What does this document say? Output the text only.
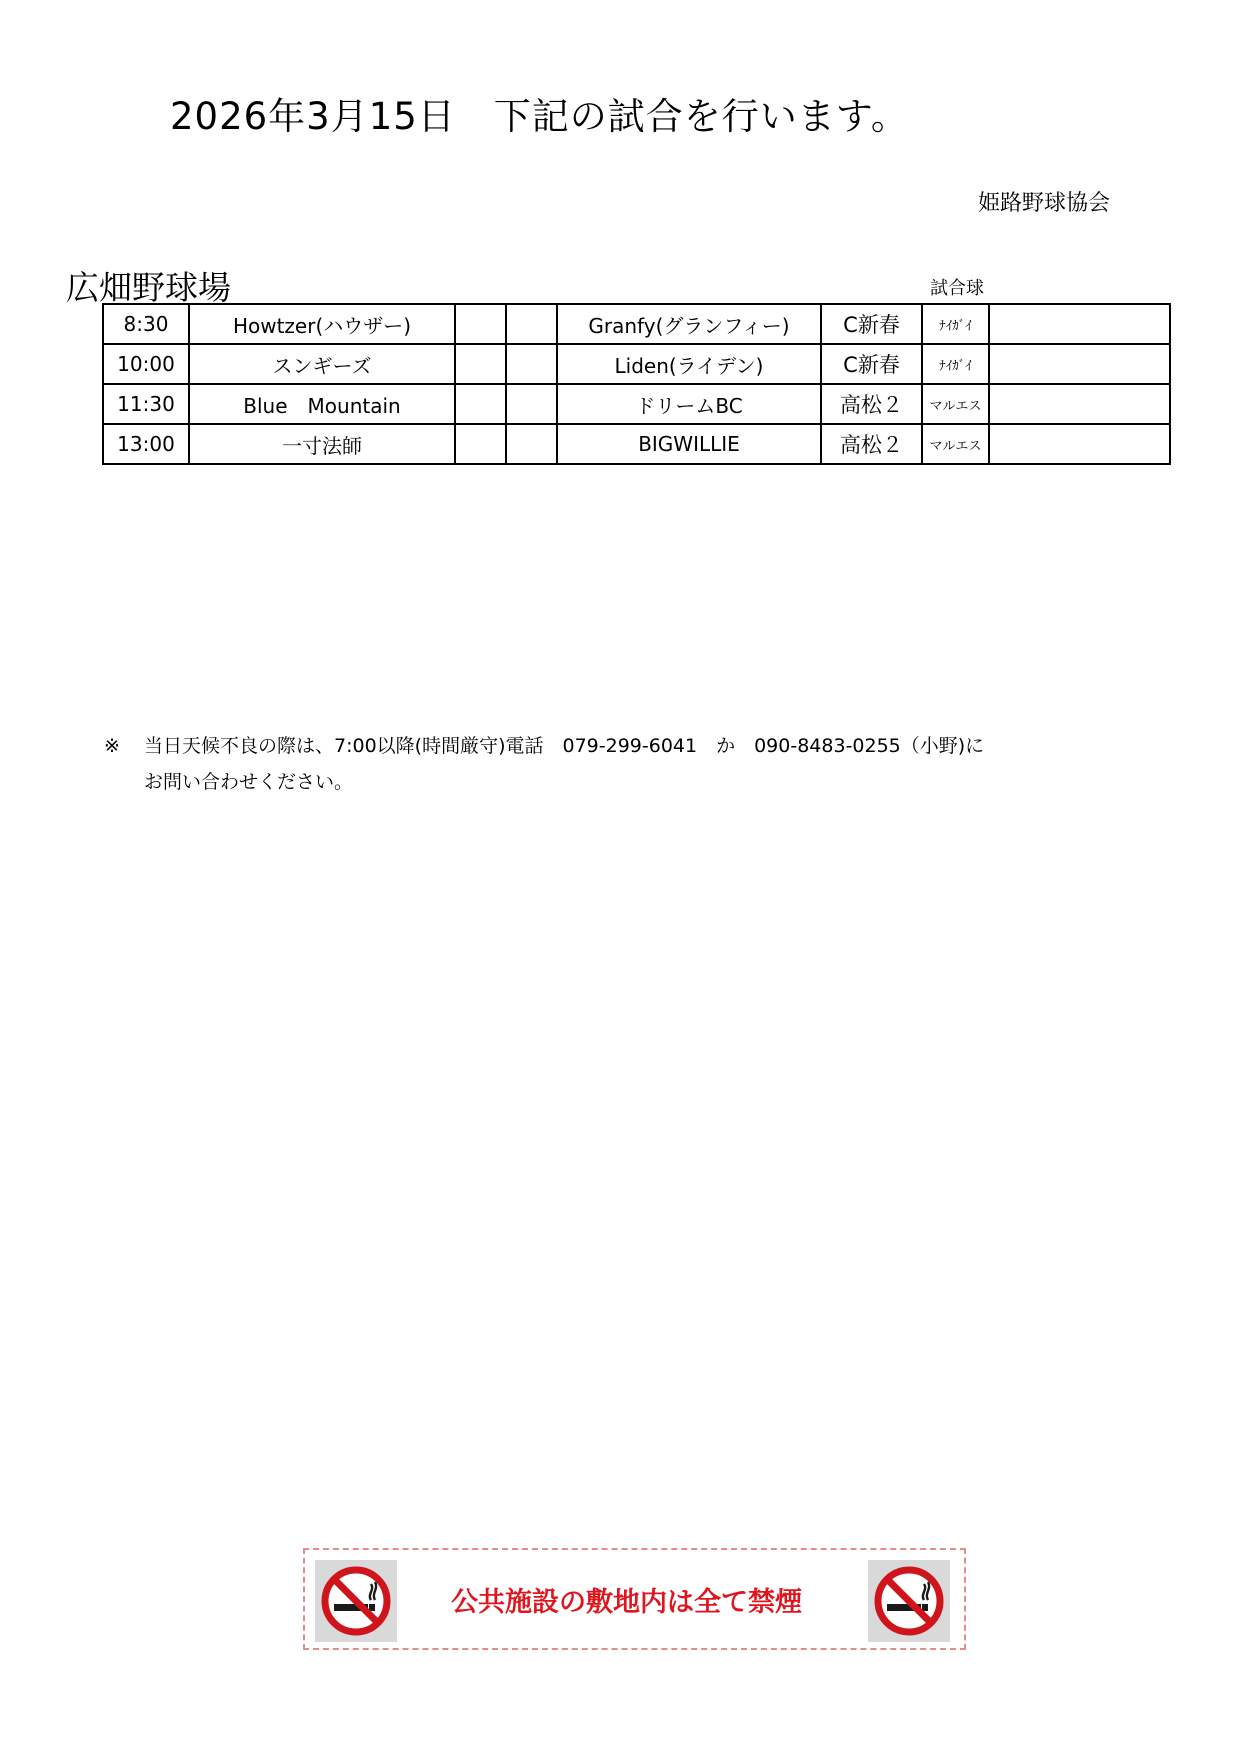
2026年3月15日　下記の試合を行います。
姫路野球協会
広畑野球場	試合球
8:30	Howtzer(ハウザー)			Granfy(グランフィー)	C新春	ﾅｲｶﾞｲ	
10:00	スンギーズ			Liden(ライデン)	C新春	ﾅｲｶﾞｲ	
11:30	Blue　Mountain			ドリームBC	高松２	マルエス	
13:00	一寸法師			BIGWILLIE	高松２	マルエス	
※ 当日天候不良の際は、7:00以降(時間厳守)電話　079-299-6041　か　090-8483-0255（小野)に
お問い合わせください。
公共施設の敷地内は全て禁煙
